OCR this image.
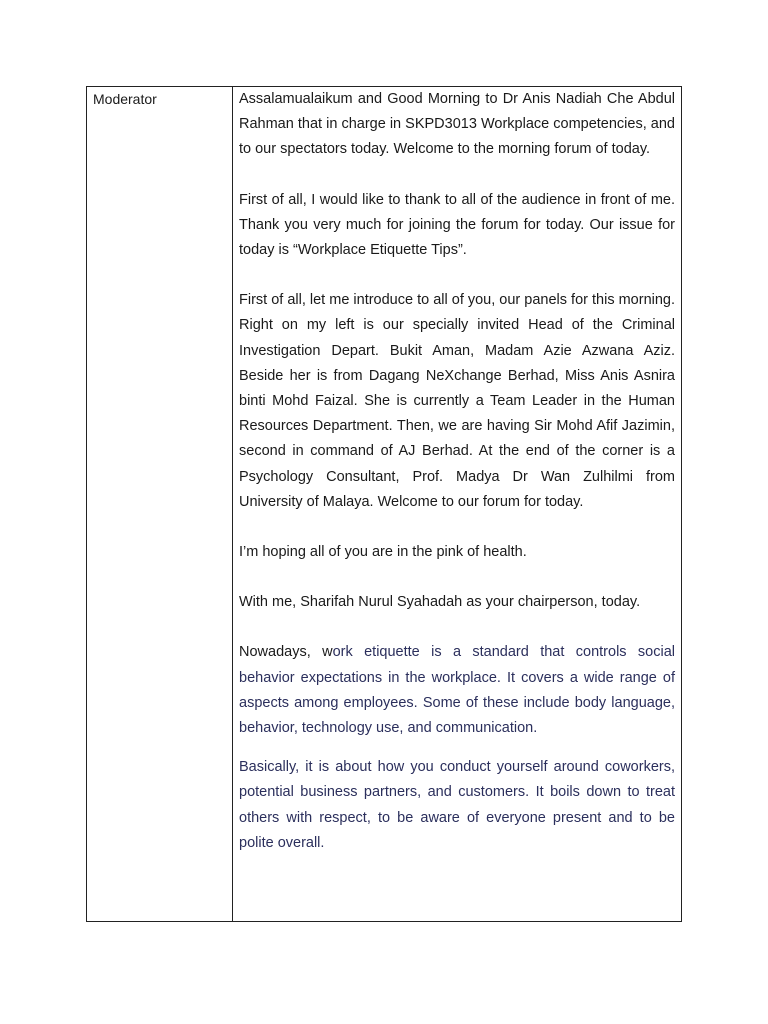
Moderator	Assalamualaikum and Good Morning to Dr Anis Nadiah Che Abdul Rahman that in charge in SKPD3013 Workplace competencies, and to our spectators today. Welcome to the morning forum of today.

First of all, I would like to thank to all of the audience in front of me. Thank you very much for joining the forum for today. Our issue for today is “Workplace Etiquette Tips”.

First of all, let me introduce to all of you, our panels for this morning. Right on my left is our specially invited Head of the Criminal Investigation Depart. Bukit Aman, Madam Azie Azwana Aziz. Beside her is from Dagang NeXchange Berhad, Miss Anis Asnira binti Mohd Faizal. She is currently a Team Leader in the Human Resources Department. Then, we are having Sir Mohd Afif Jazimin, second in command of AJ Berhad. At the end of the corner is a Psychology Consultant, Prof. Madya Dr Wan Zulhilmi from University of Malaya. Welcome to our forum for today.

I’m hoping all of you are in the pink of health.

With me, Sharifah Nurul Syahadah as your chairperson, today.

Nowadays, work etiquette is a standard that controls social behavior expectations in the workplace. It covers a wide range of aspects among employees. Some of these include body language, behavior, technology use, and communication.

Basically, it is about how you conduct yourself around coworkers, potential business partners, and customers. It boils down to treat others with respect, to be aware of everyone present and to be polite overall.
